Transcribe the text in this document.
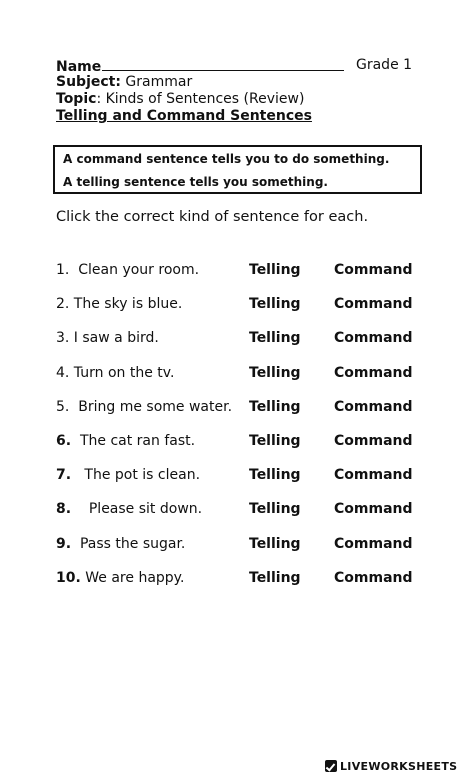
Name	Grade 1
Subject: Grammar
Topic: Kinds of Sentences (Review)
Telling and Command Sentences
A command sentence tells you to do something.
A telling sentence tells you something.
Click the correct kind of sentence for each.
1.  Clean your room.	Telling Command
2. The sky is blue.	Telling Command
3. I saw a bird.	Telling Command
4. Turn on the tv.	Telling Command
5.  Bring me some water. Telling Command
6.  The cat ran fast.	Telling Command
7.   The pot is clean.	Telling Command
8.    Please sit down.	Telling Command
9.  Pass the sugar.	Telling Command
10. We are happy.	Telling Command
LIVEWORKSHEETS
